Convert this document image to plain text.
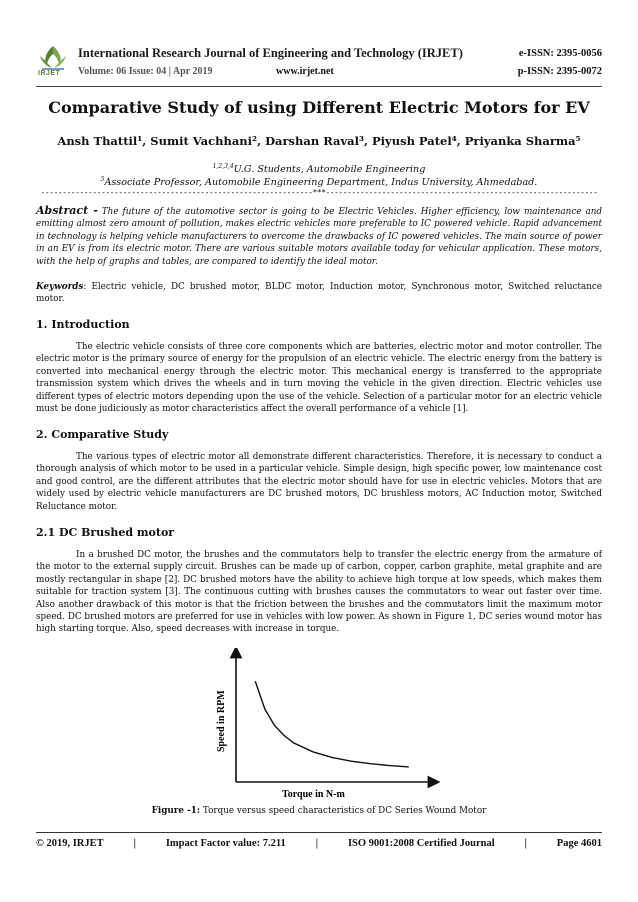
IRJET
International Research Journal of Engineering and Technology (IRJET)	e-ISSN: 2395-0056
Volume: 06 Issue: 04 | Apr 2019	www.irjet.net	p-ISSN: 2395-0072
Comparative Study of using Different Electric Motors for EV
Ansh Thattil¹, Sumit Vachhani², Darshan Raval³, Piyush Patel⁴, Priyanka Sharma⁵
$^{1,2,3,4}$U.G. Students, Automobile Engineering
$^5$Associate Professor, Automobile Engineering Department, Indus University, Ahmedabad.
---------------------------------------------------------------***---------------------------------------------------------------
Abstract - The future of the automotive sector is going to be Electric Vehicles. Higher efficiency, low maintenance and emitting almost zero amount of pollution, makes electric vehicles more preferable to IC powered vehicle. Rapid advancement in technology is helping vehicle manufacturers to overcome the drawbacks of IC powered vehicles. The main source of power in an EV is from its electric motor. There are various suitable motors available today for vehicular application. These motors, with the help of graphs and tables, are compared to identify the ideal motor.
Keywords: Electric vehicle, DC brushed motor, BLDC motor, Induction motor, Synchronous motor, Switched reluctance motor.
1. Introduction
The electric vehicle consists of three core components which are batteries, electric motor and motor controller. The electric motor is the primary source of energy for the propulsion of an electric vehicle. The electric energy from the battery is converted into mechanical energy through the electric motor. This mechanical energy is transferred to the appropriate transmission system which drives the wheels and in turn moving the vehicle in the given direction. Electric vehicles use different types of electric motors depending upon the use of the vehicle. Selection of a particular motor for an electric vehicle must be done judiciously as motor characteristics affect the overall performance of a vehicle [1].
2. Comparative Study
The various types of electric motor all demonstrate different characteristics. Therefore, it is necessary to conduct a thorough analysis of which motor to be used in a particular vehicle. Simple design, high specific power, low maintenance cost and good control, are the different attributes that the electric motor should have for use in electric vehicles. Motors that are widely used by electric vehicle manufacturers are DC brushed motors, DC brushless motors, AC Induction motor, Switched Reluctance motor.
2.1 DC Brushed motor
In a brushed DC motor, the brushes and the commutators help to transfer the electric energy from the armature of the motor to the external supply circuit. Brushes can be made up of carbon, copper, carbon graphite, metal graphite and are mostly rectangular in shape [2]. DC brushed motors have the ability to achieve high torque at low speeds, which makes them suitable for traction system [3]. The continuous cutting with brushes causes the commutators to wear out faster over time. Also another drawback of this motor is that the friction between the brushes and the commutators limit the maximum motor speed. DC brushed motors are preferred for use in vehicles with low power. As shown in Figure 1, DC series wound motor has high starting torque. Also, speed decreases with increase in torque.
Speed in RPM
Torque in N-m
Figure -1: Torque versus speed characteristics of DC Series Wound Motor
© 2019, IRJET	|	Impact Factor value: 7.211	|	ISO 9001:2008 Certified Journal	|	Page 4601
